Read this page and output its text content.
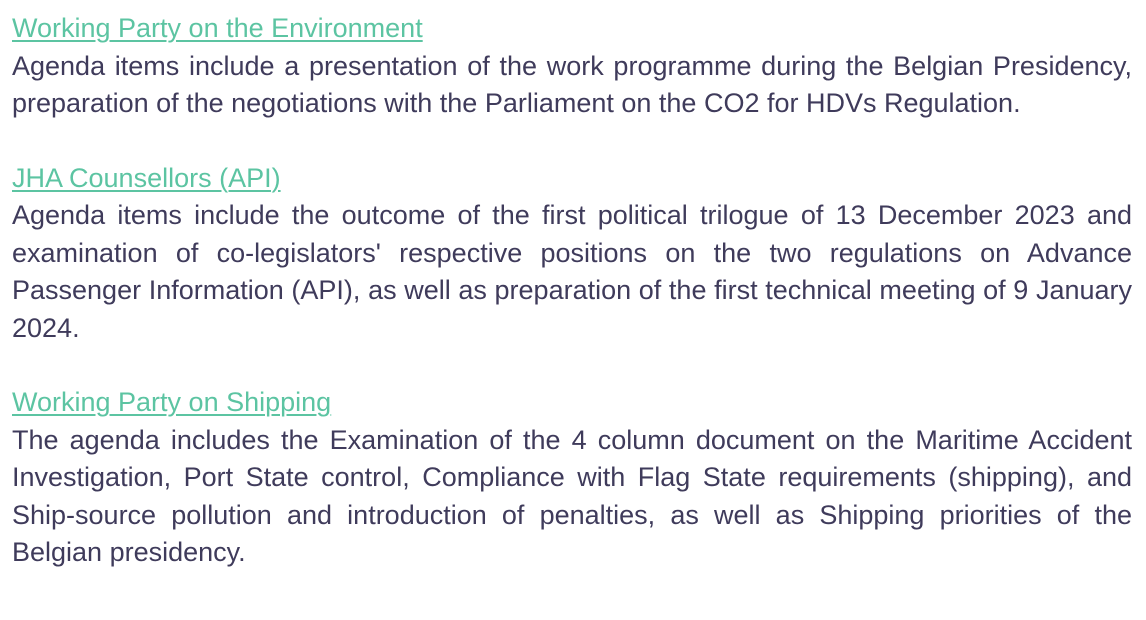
Working Party on the Environment

Agenda items include a presentation of the work programme during the Belgian Presidency, preparation of the negotiations with the Parliament on the CO2 for HDVs Regulation.

JHA Counsellors (API)

Agenda items include the outcome of the first political trilogue of 13 December 2023 and examination of co-legislators' respective positions on the two regulations on Advance Passenger Information (API), as well as preparation of the first technical meeting of 9 January 2024.

Working Party on Shipping

The agenda includes the Examination of the 4 column document on the Maritime Accident Investigation, Port State control, Compliance with Flag State requirements (shipping), and Ship-source pollution and introduction of penalties, as well as Shipping priorities of the Belgian presidency.
